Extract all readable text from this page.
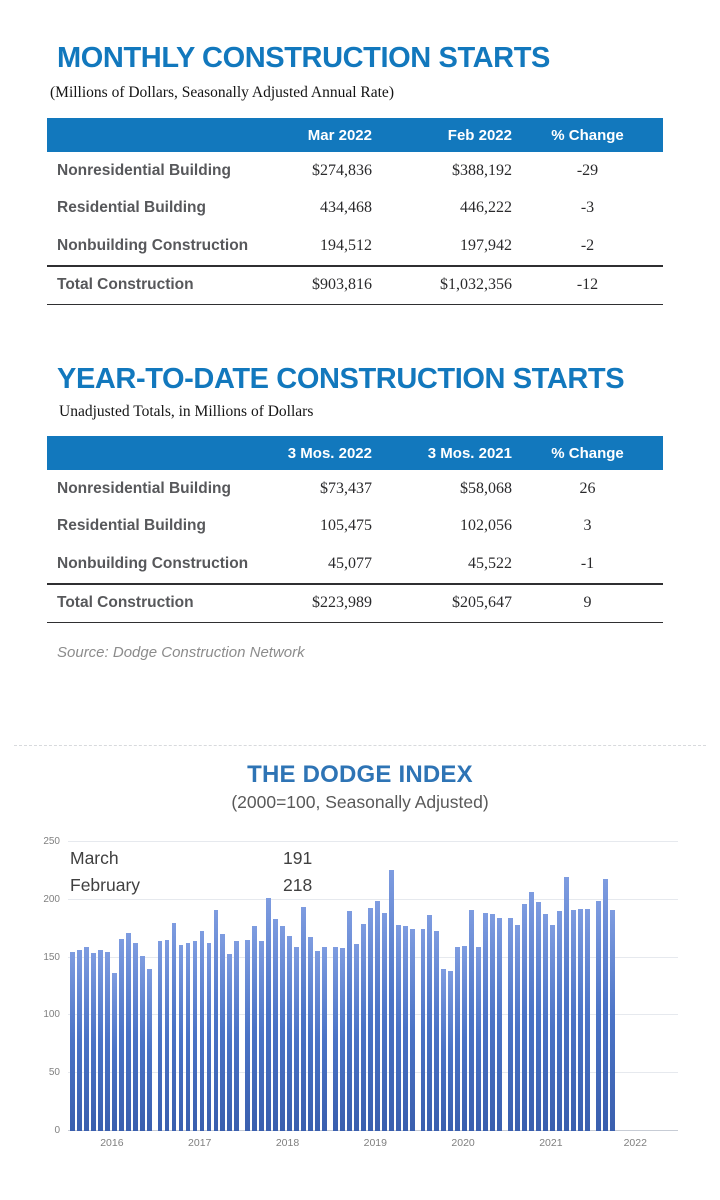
MONTHLY CONSTRUCTION STARTS
(Millions of Dollars, Seasonally Adjusted Annual Rate)
Mar 2022	Feb 2022	% Change
Nonresidential Building	$274,836	$388,192	-29
Residential Building	434,468	446,222	-3
Nonbuilding Construction	194,512	197,942	-2
Total Construction	$903,816	$1,032,356	-12
YEAR-TO-DATE CONSTRUCTION STARTS
Unadjusted Totals, in Millions of Dollars
3 Mos. 2022	3 Mos. 2021	% Change
Nonresidential Building	$73,437	$58,068	26
Residential Building	105,475	102,056	3
Nonbuilding Construction	45,077	45,522	-1
Total Construction	$223,989	$205,647	9
Source: Dodge Construction Network
THE DODGE INDEX
(2000=100, Seasonally Adjusted)
March	191
February	218
0
50
100
150
200
250
2016	2017	2018	2019	2020	2021	2022
